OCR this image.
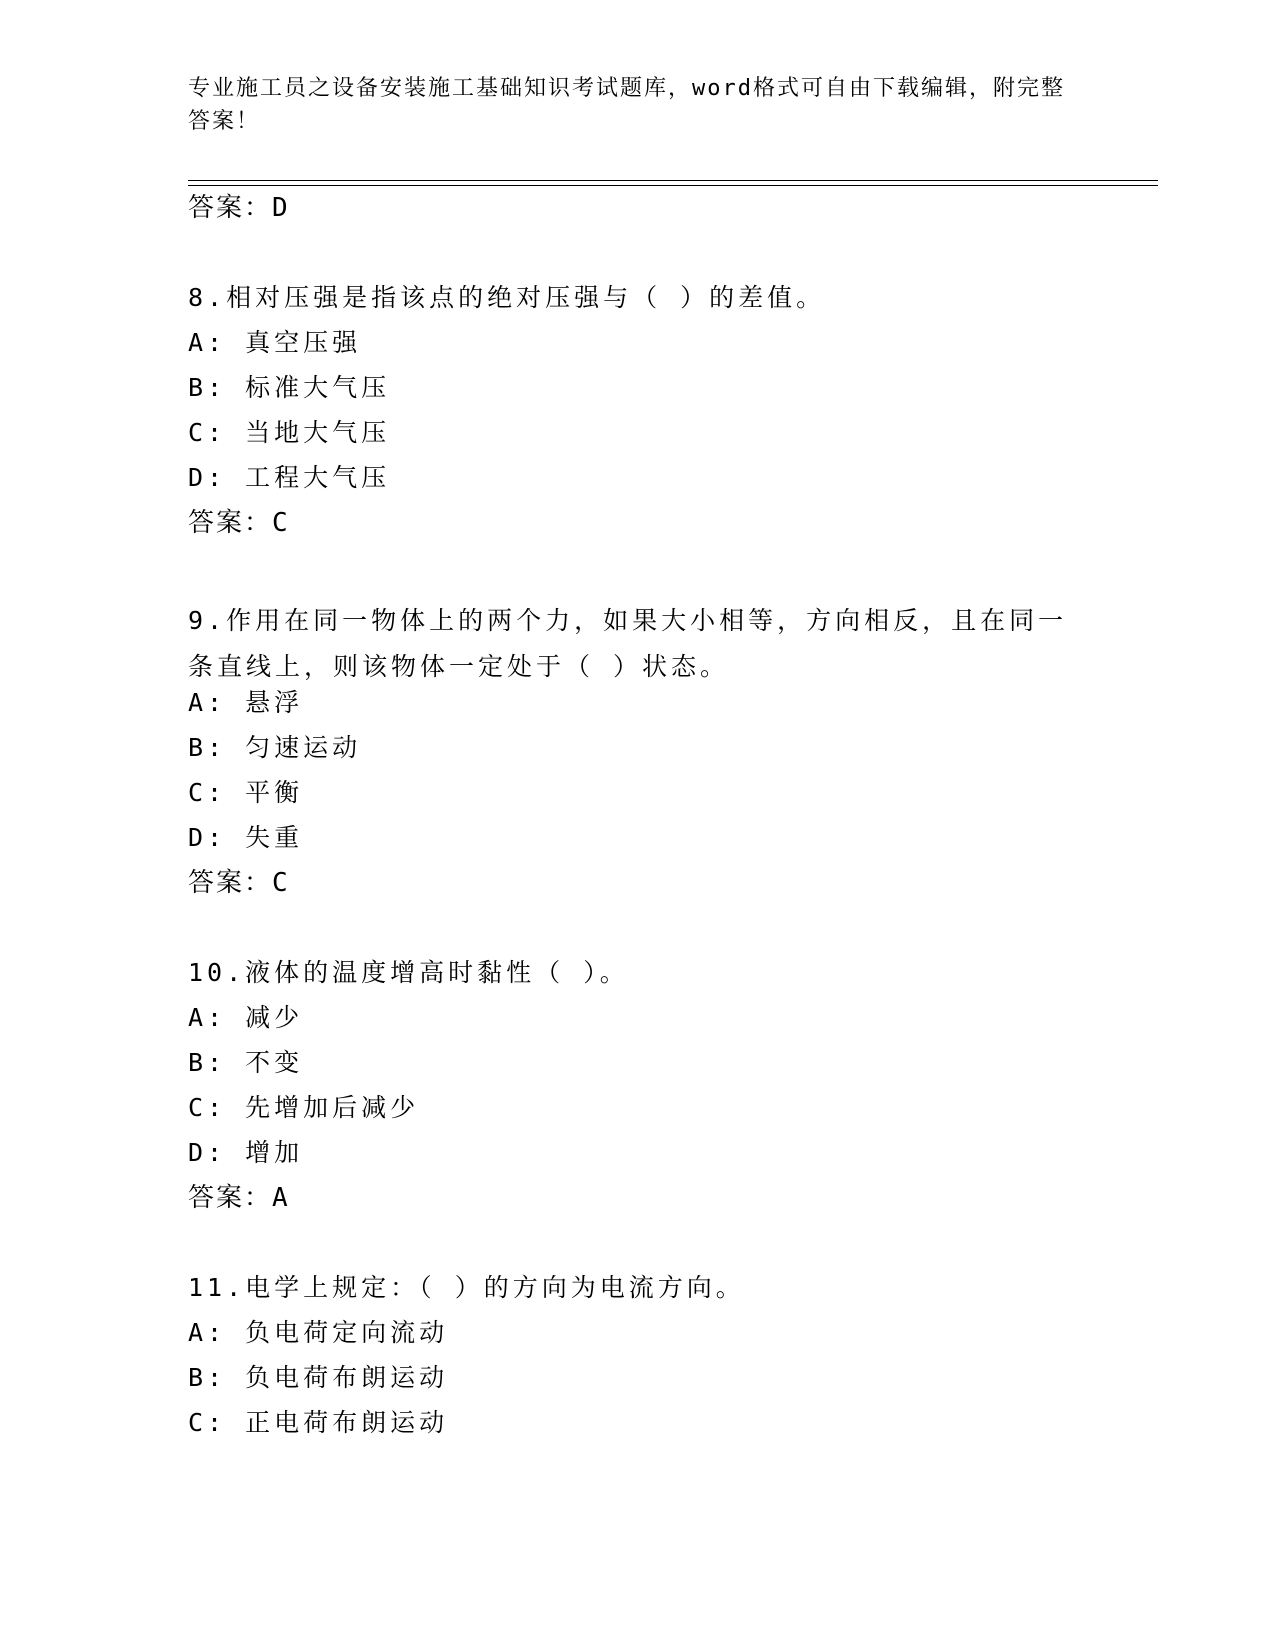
专业施工员之设备安装施工基础知识考试题库，word格式可自由下载编辑，附完整答案！

答案：D

8.相对压强是指该点的绝对压强与（ ）的差值。

A: 真空压强

B: 标准大气压

C: 当地大气压

D: 工程大气压

答案：C

9.作用在同一物体上的两个力，如果大小相等，方向相反，且在同一条直线上，则该物体一定处于（ ）状态。

A: 悬浮

B: 匀速运动

C: 平衡

D: 失重

答案：C

10.液体的温度增高时黏性（ ）。

A: 减少

B: 不变

C: 先增加后减少

D: 增加

答案：A

11.电学上规定：（ ）的方向为电流方向。

A: 负电荷定向流动

B: 负电荷布朗运动

C: 正电荷布朗运动
